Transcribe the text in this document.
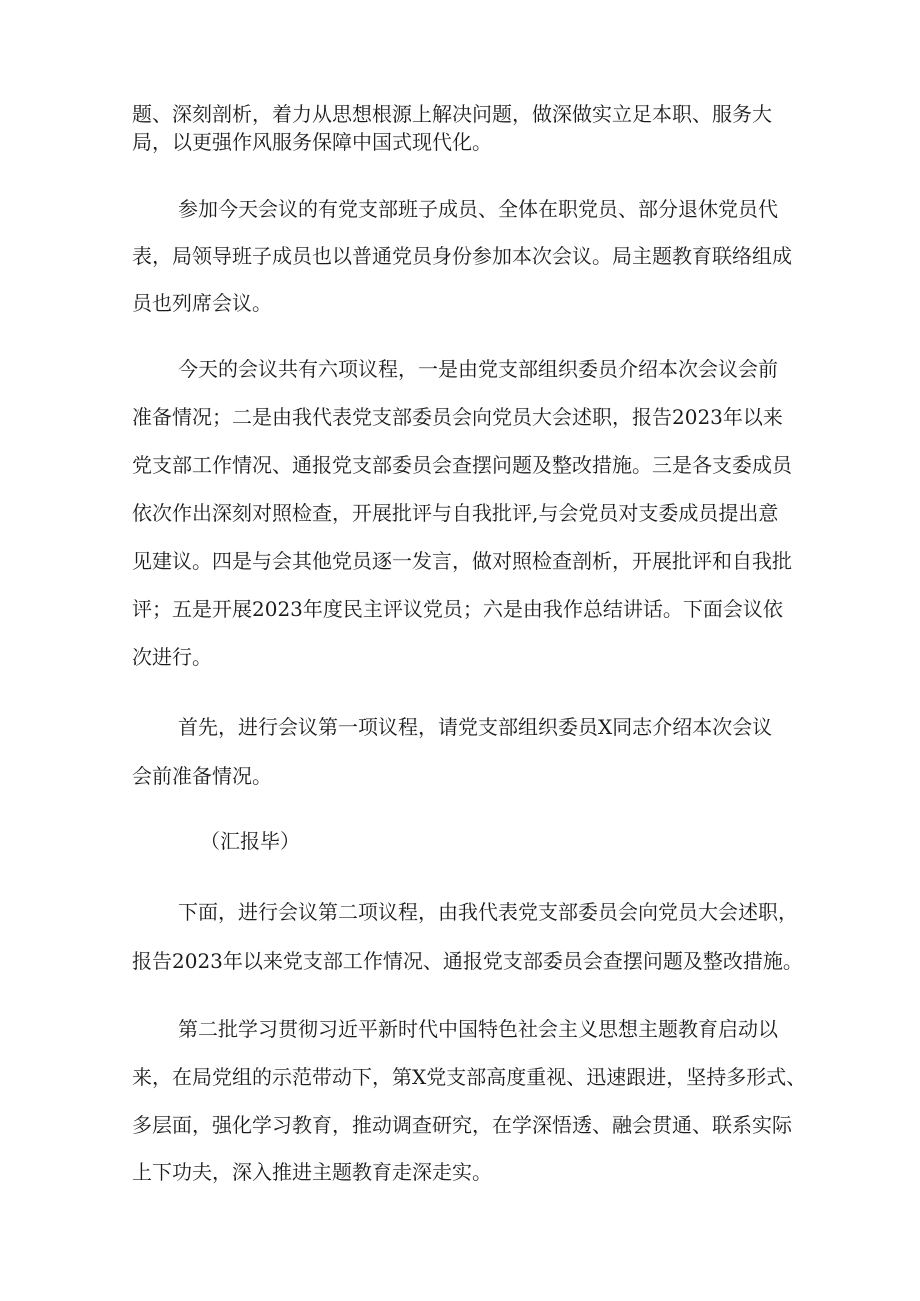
题、深刻剖析，着力从思想根源上解决问题，做深做实立足本职、服务大
局，以更强作风服务保障中国式现代化。
参加今天会议的有党支部班子成员、全体在职党员、部分退休党员代
表，局领导班子成员也以普通党员身份参加本次会议。局主题教育联络组成
员也列席会议。
今天的会议共有六项议程，一是由党支部组织委员介绍本次会议会前
准备情况；二是由我代表党支部委员会向党员大会述职，报告2023年以来
党支部工作情况、通报党支部委员会查摆问题及整改措施。三是各支委成员
依次作出深刻对照检查，开展批评与自我批评,与会党员对支委成员提出意
见建议。四是与会其他党员逐一发言，做对照检查剖析，开展批评和自我批
评；五是开展2023年度民主评议党员；六是由我作总结讲话。下面会议依
次进行。
首先，进行会议第一项议程，请党支部组织委员X同志介绍本次会议
会前准备情况。
（汇报毕）
下面，进行会议第二项议程，由我代表党支部委员会向党员大会述职，
报告2023年以来党支部工作情况、通报党支部委员会查摆问题及整改措施。
第二批学习贯彻习近平新时代中国特色社会主义思想主题教育启动以
来，在局党组的示范带动下，第X党支部高度重视、迅速跟进，坚持多形式、
多层面，强化学习教育，推动调查研究，在学深悟透、融会贯通、联系实际
上下功夫，深入推进主题教育走深走实。
